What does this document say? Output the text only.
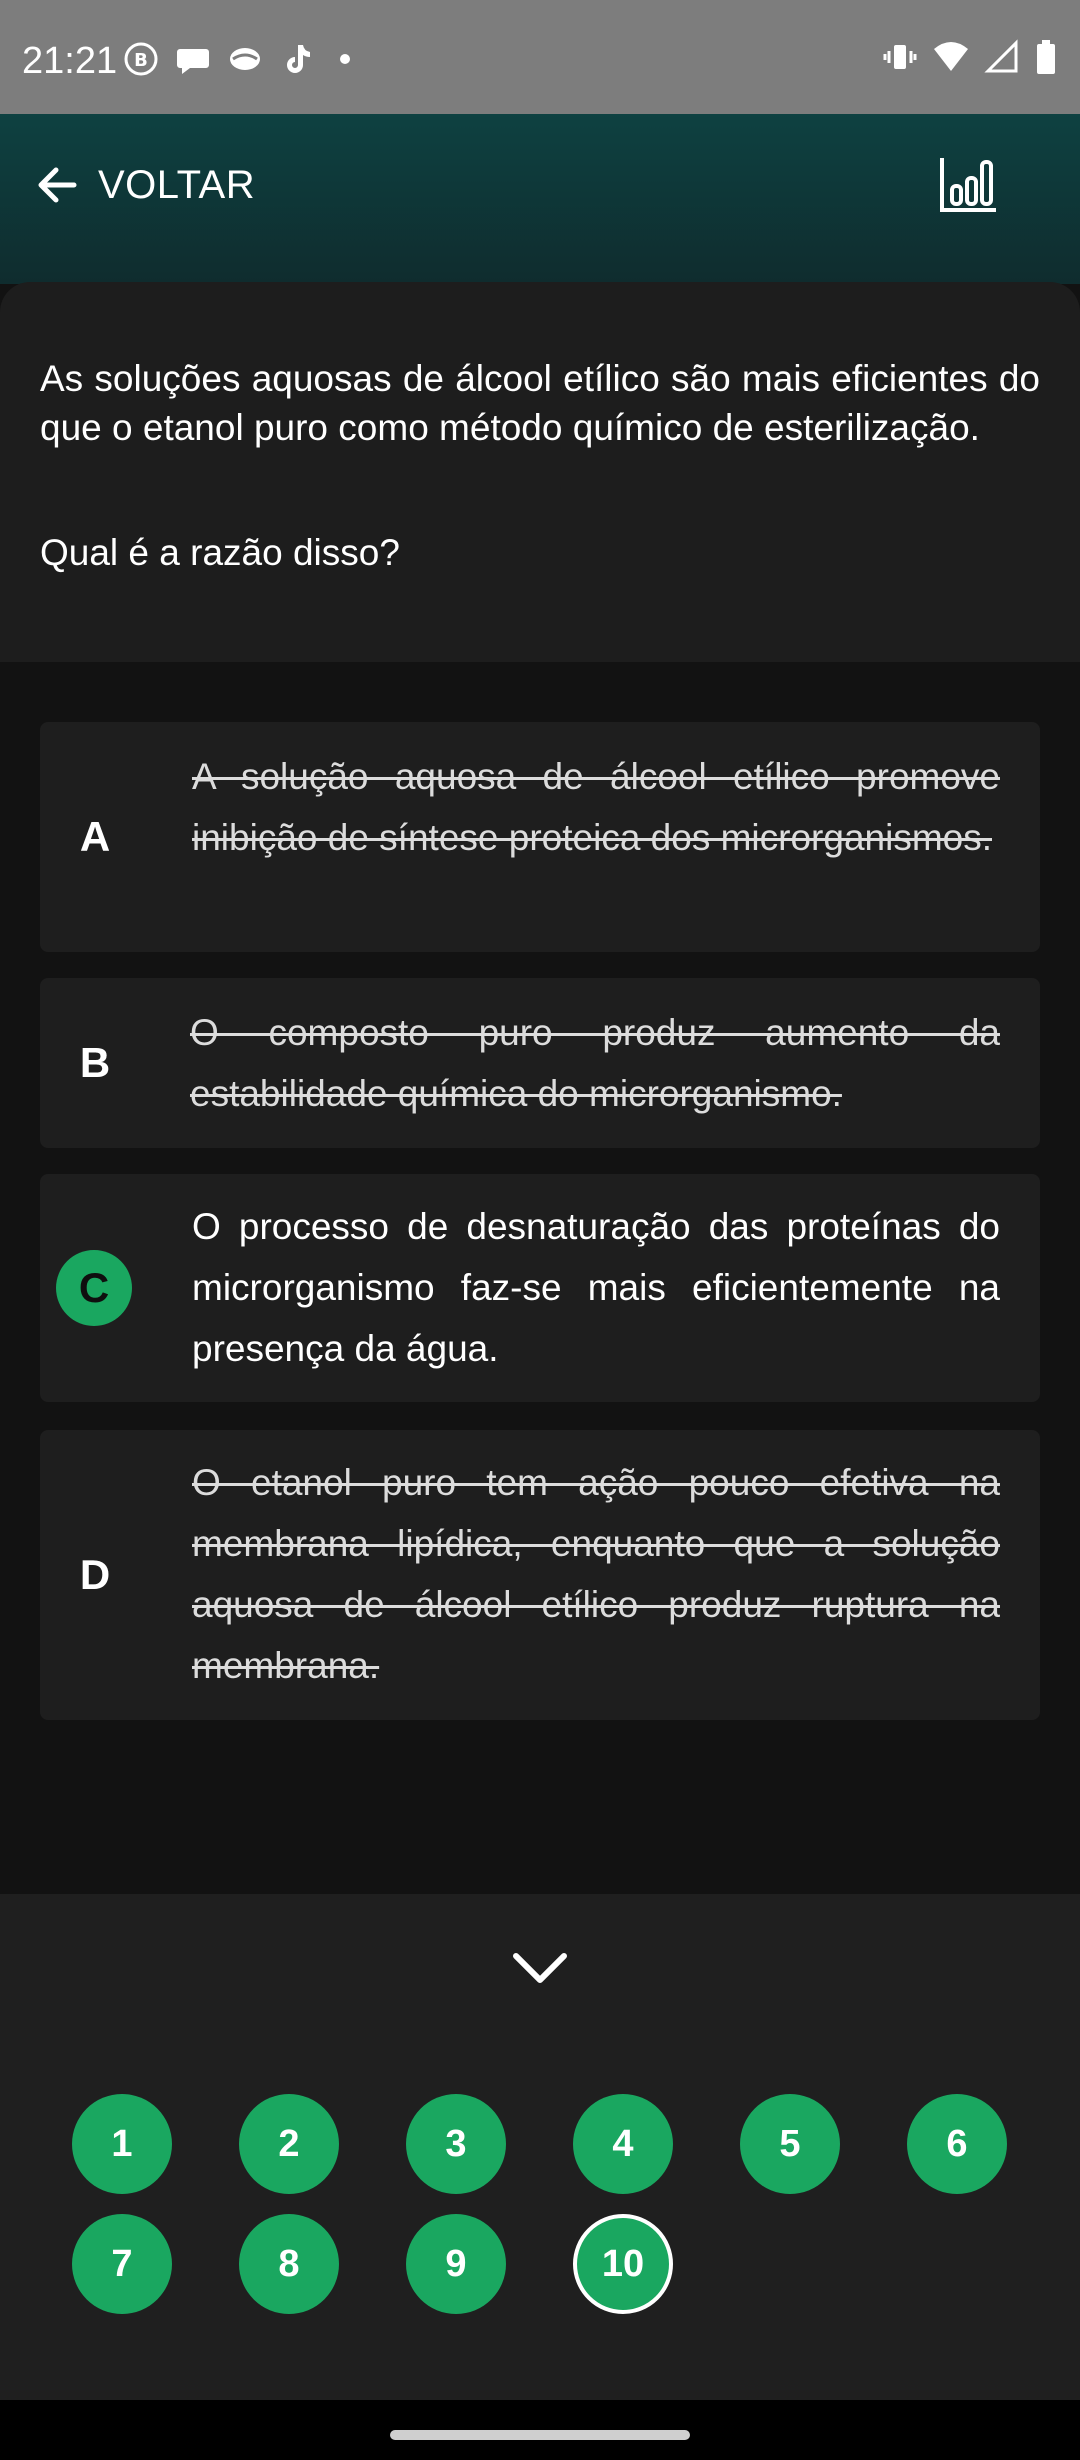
21:21 B
VOLTAR
As soluções aquosas de álcool etílico são mais eficientes do que o etanol puro como método químico de esterilização.
Qual é a razão disso?
A
A solução aquosa de álcool etílico promove inibição de síntese proteica dos microrganismos.
B
O composto puro produz aumento da estabilidade química do microrganismo.
C
O processo de desnaturação das proteínas do microrganismo faz-se mais eficientemente na presença da água.
D
O etanol puro tem ação pouco efetiva na membrana lipídica, enquanto que a solução aquosa de álcool etílico produz ruptura na membrana.
1	2	3	4	5	6
7	8	9	10
